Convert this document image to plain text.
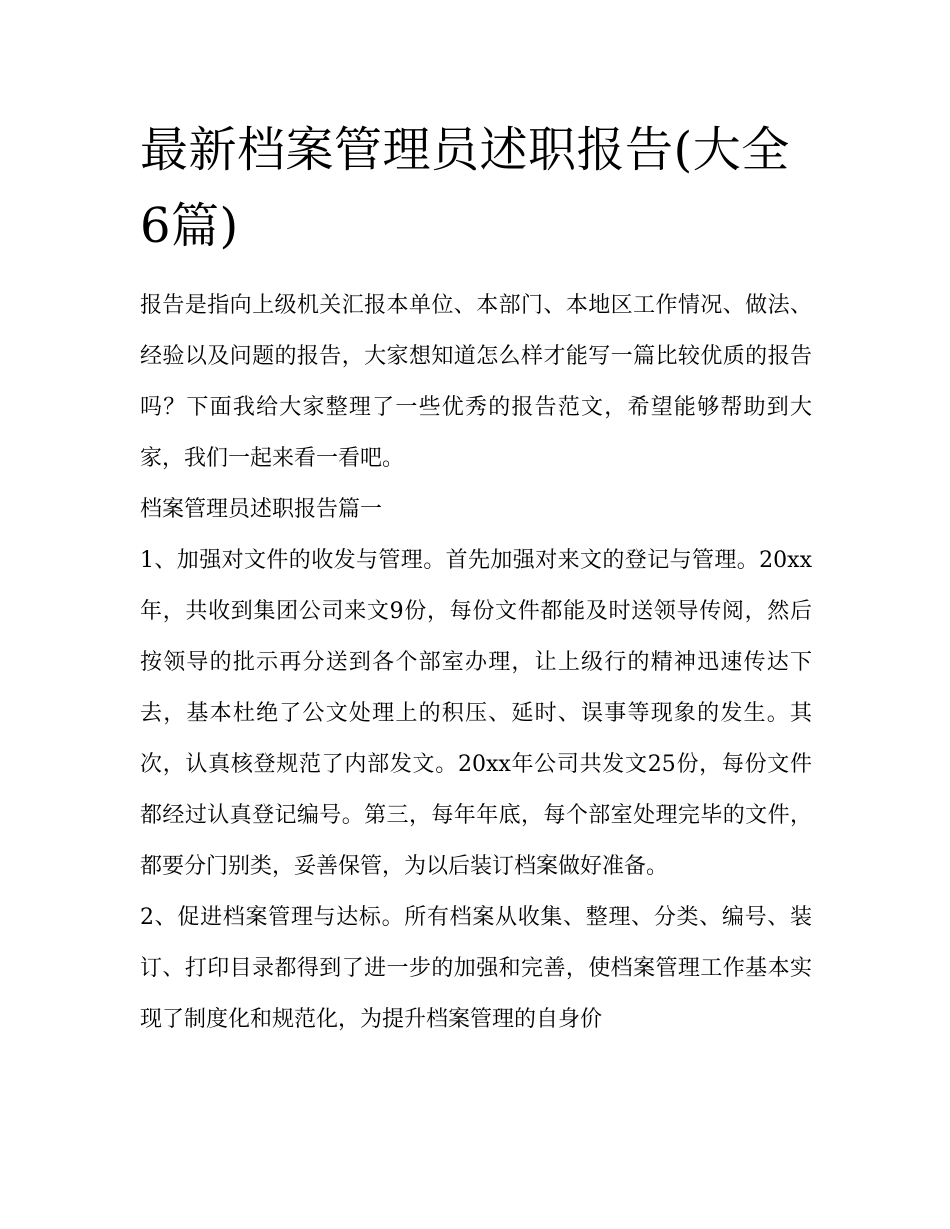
最新档案管理员述职报告(大全6篇)

报告是指向上级机关汇报本单位、本部门、本地区工作情况、做法、经验以及问题的报告，大家想知道怎么样才能写一篇比较优质的报告吗？下面我给大家整理了一些优秀的报告范文，希望能够帮助到大家，我们一起来看一看吧。

档案管理员述职报告篇一

1、加强对文件的收发与管理。首先加强对来文的登记与管理。20xx年，共收到集团公司来文9份，每份文件都能及时送领导传阅，然后按领导的批示再分送到各个部室办理，让上级行的精神迅速传达下去，基本杜绝了公文处理上的积压、延时、误事等现象的发生。其次，认真核登规范了内部发文。20xx年公司共发文25份，每份文件都经过认真登记编号。第三，每年年底，每个部室处理完毕的文件，都要分门别类，妥善保管，为以后装订档案做好准备。

2、促进档案管理与达标。所有档案从收集、整理、分类、编号、装订、打印目录都得到了进一步的加强和完善，使档案管理工作基本实现了制度化和规范化，为提升档案管理的自身价
